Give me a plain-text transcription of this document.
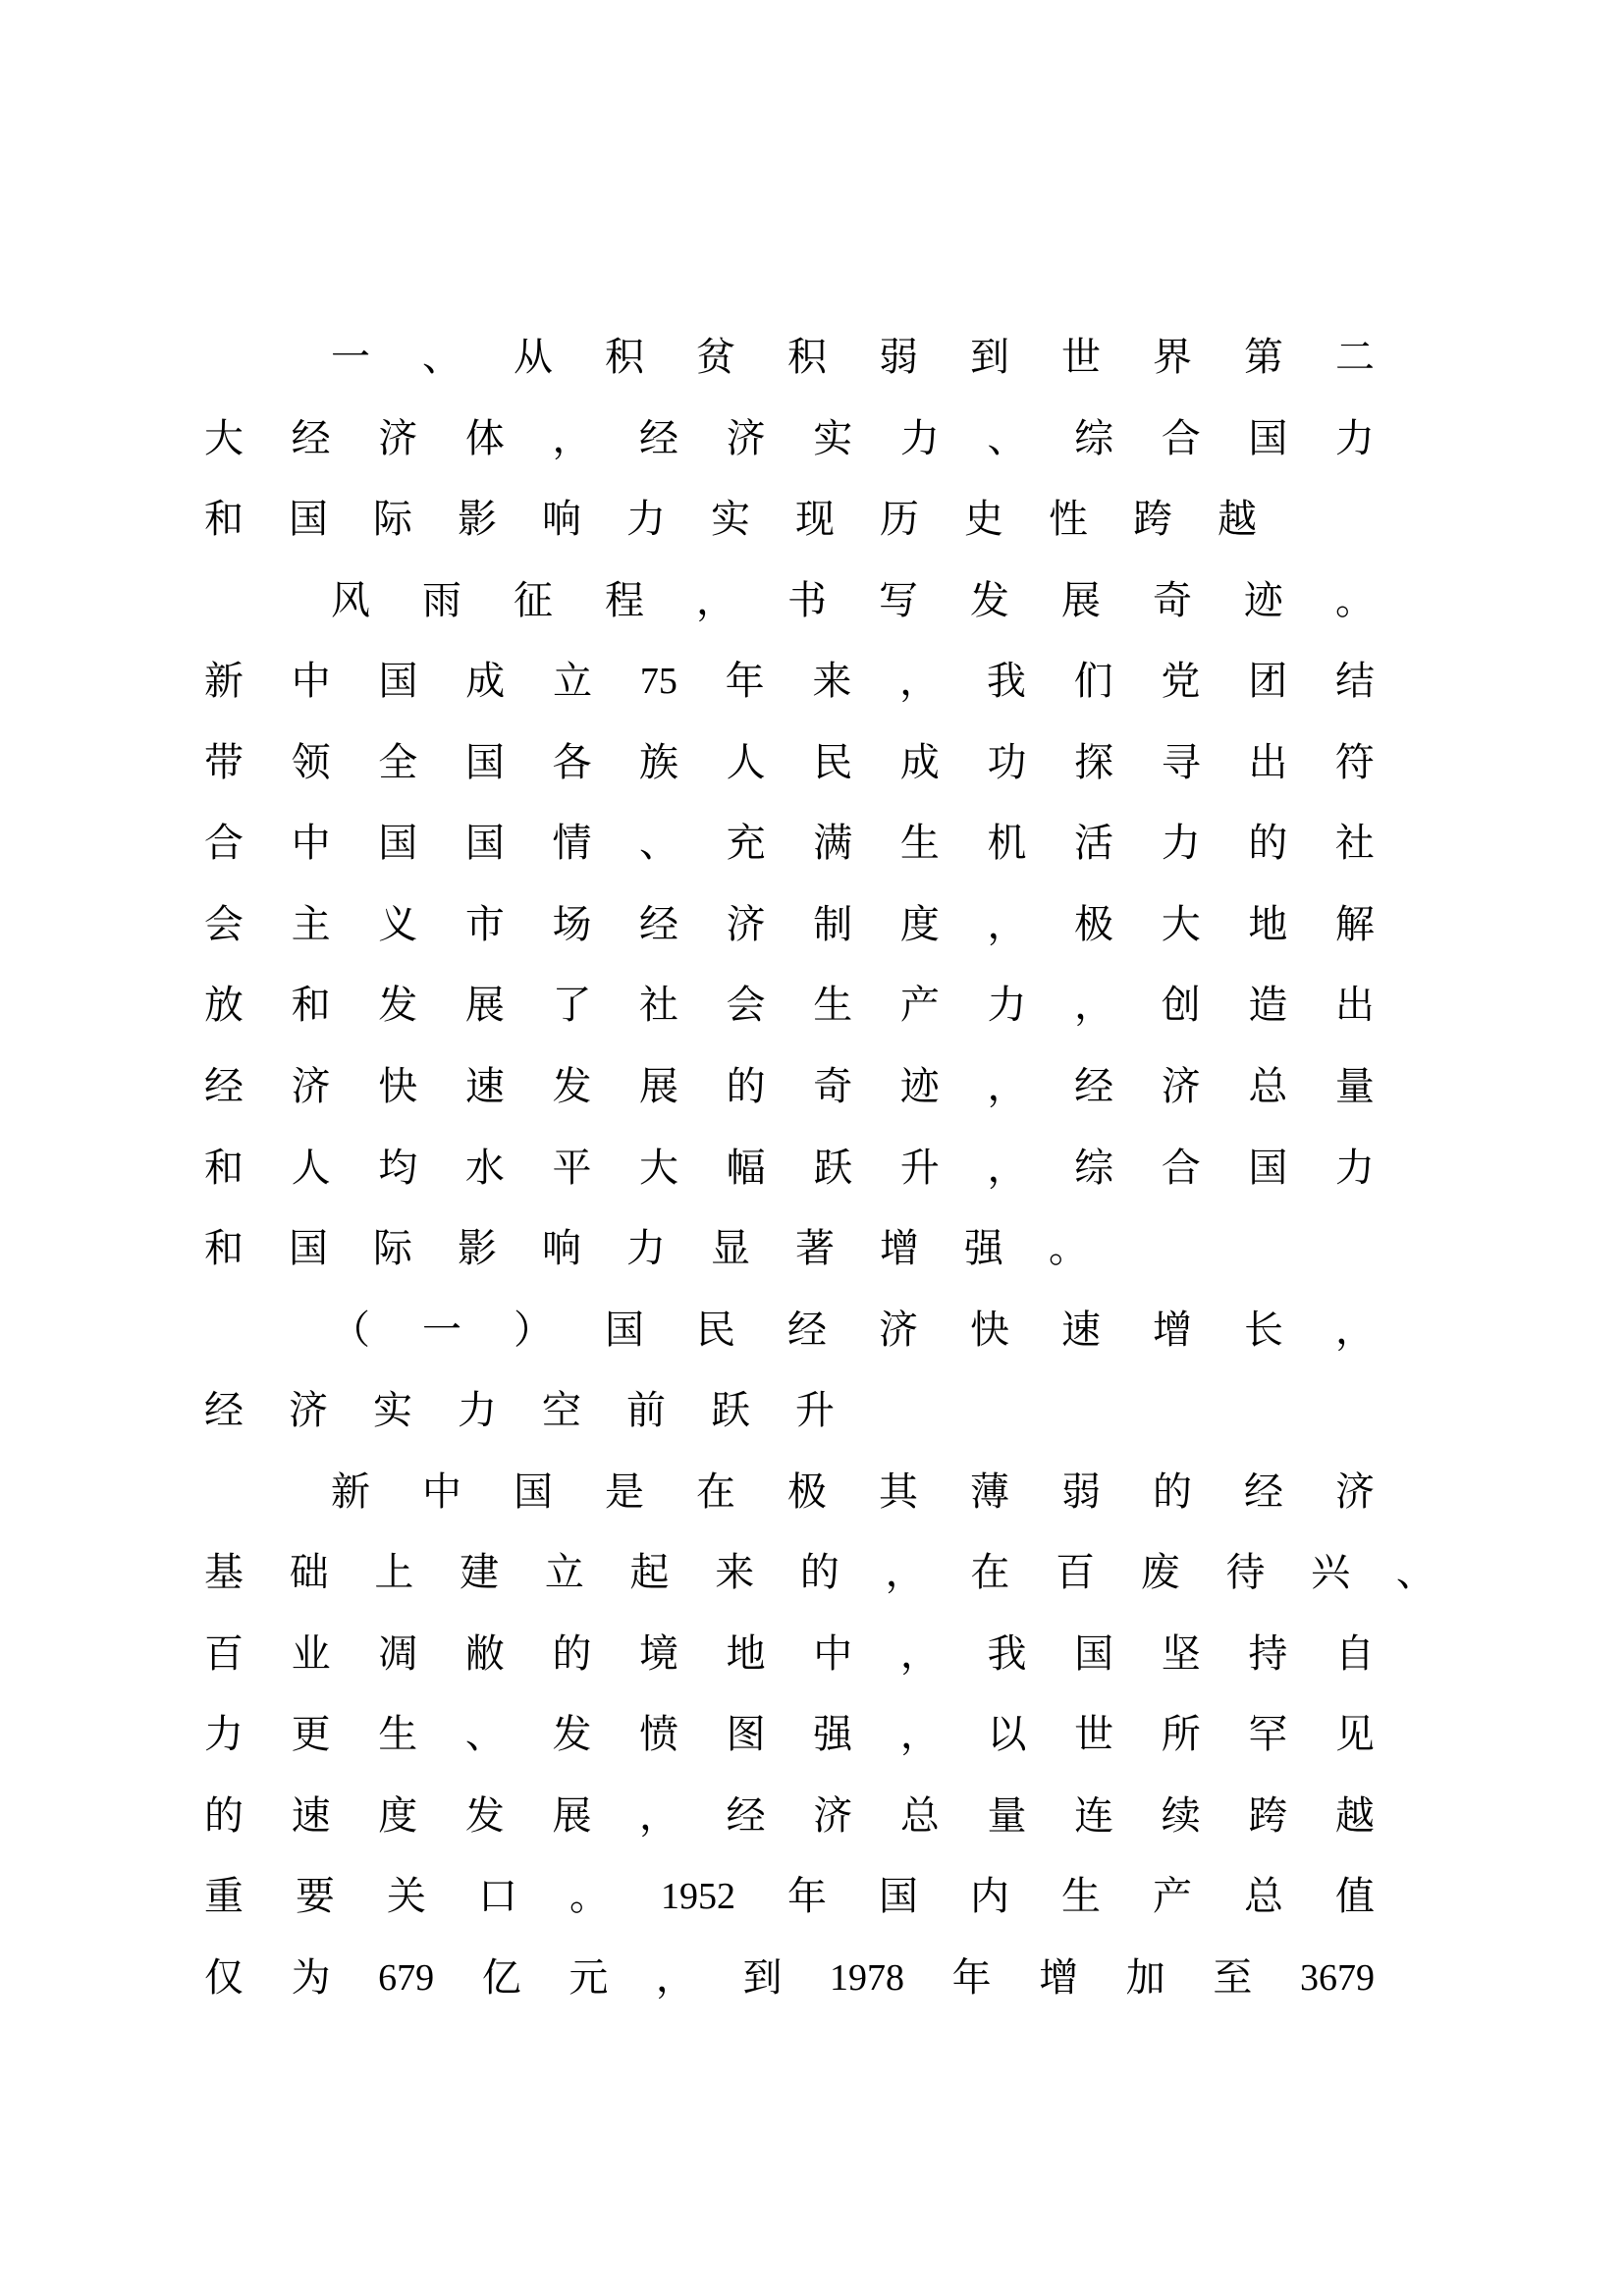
一 、 从 积 贫 积 弱 到 世 界 第 二
大 经 济 体 ， 经 济 实 力 、 综 合 国 力
和 国 际 影 响 力 实 现 历 史 性 跨 越
风 雨 征 程 ， 书 写 发 展 奇 迹 。
新 中 国 成 立 75 年 来 ， 我 们 党 团 结
带 领 全 国 各 族 人 民 成 功 探 寻 出 符
合 中 国 国 情 、 充 满 生 机 活 力 的 社
会 主 义 市 场 经 济 制 度 ， 极 大 地 解
放 和 发 展 了 社 会 生 产 力 ， 创 造 出
经 济 快 速 发 展 的 奇 迹 ， 经 济 总 量
和 人 均 水 平 大 幅 跃 升 ， 综 合 国 力
和 国 际 影 响 力 显 著 增 强 。
（ 一 ） 国 民 经 济 快 速 增 长 ，
经 济 实 力 空 前 跃 升
新 中 国 是 在 极 其 薄 弱 的 经 济
基 础 上 建 立 起 来 的 ， 在 百 废 待 兴 、
百 业 凋 敝 的 境 地 中 ， 我 国 坚 持 自
力 更 生 、 发 愤 图 强 ， 以 世 所 罕 见
的 速 度 发 展 ， 经 济 总 量 连 续 跨 越
重 要 关 口 。 1952 年 国 内 生 产 总 值
仅 为 679 亿 元 ， 到 1978 年 增 加 至 3679
